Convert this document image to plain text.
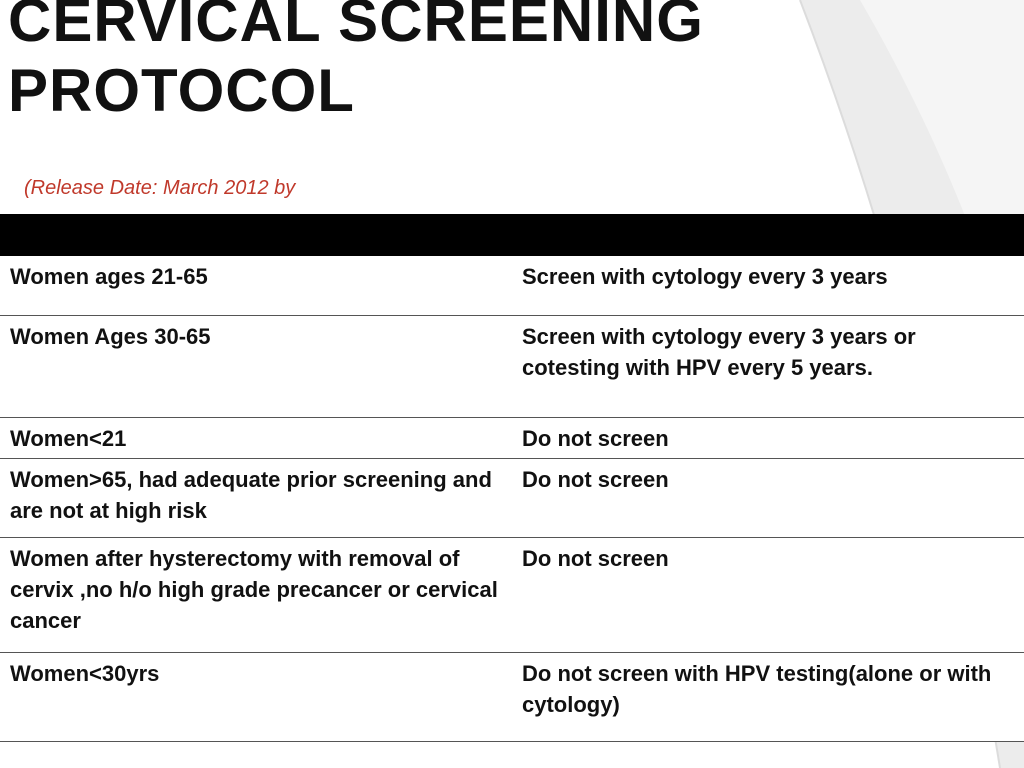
CERVICAL SCREENING
PROTOCOL
(Release Date: March 2012 by

Women ages 21-65	Screen with cytology every 3 years
Women Ages 30-65	Screen with cytology every 3 years or cotesting with HPV every 5 years.
Women<21	Do not screen
Women>65, had adequate prior screening and are not at high risk	Do not screen
Women after hysterectomy with removal of cervix ,no h/o high grade precancer or cervical cancer	Do not screen
Women<30yrs	Do not screen with HPV testing(alone or with cytology)
